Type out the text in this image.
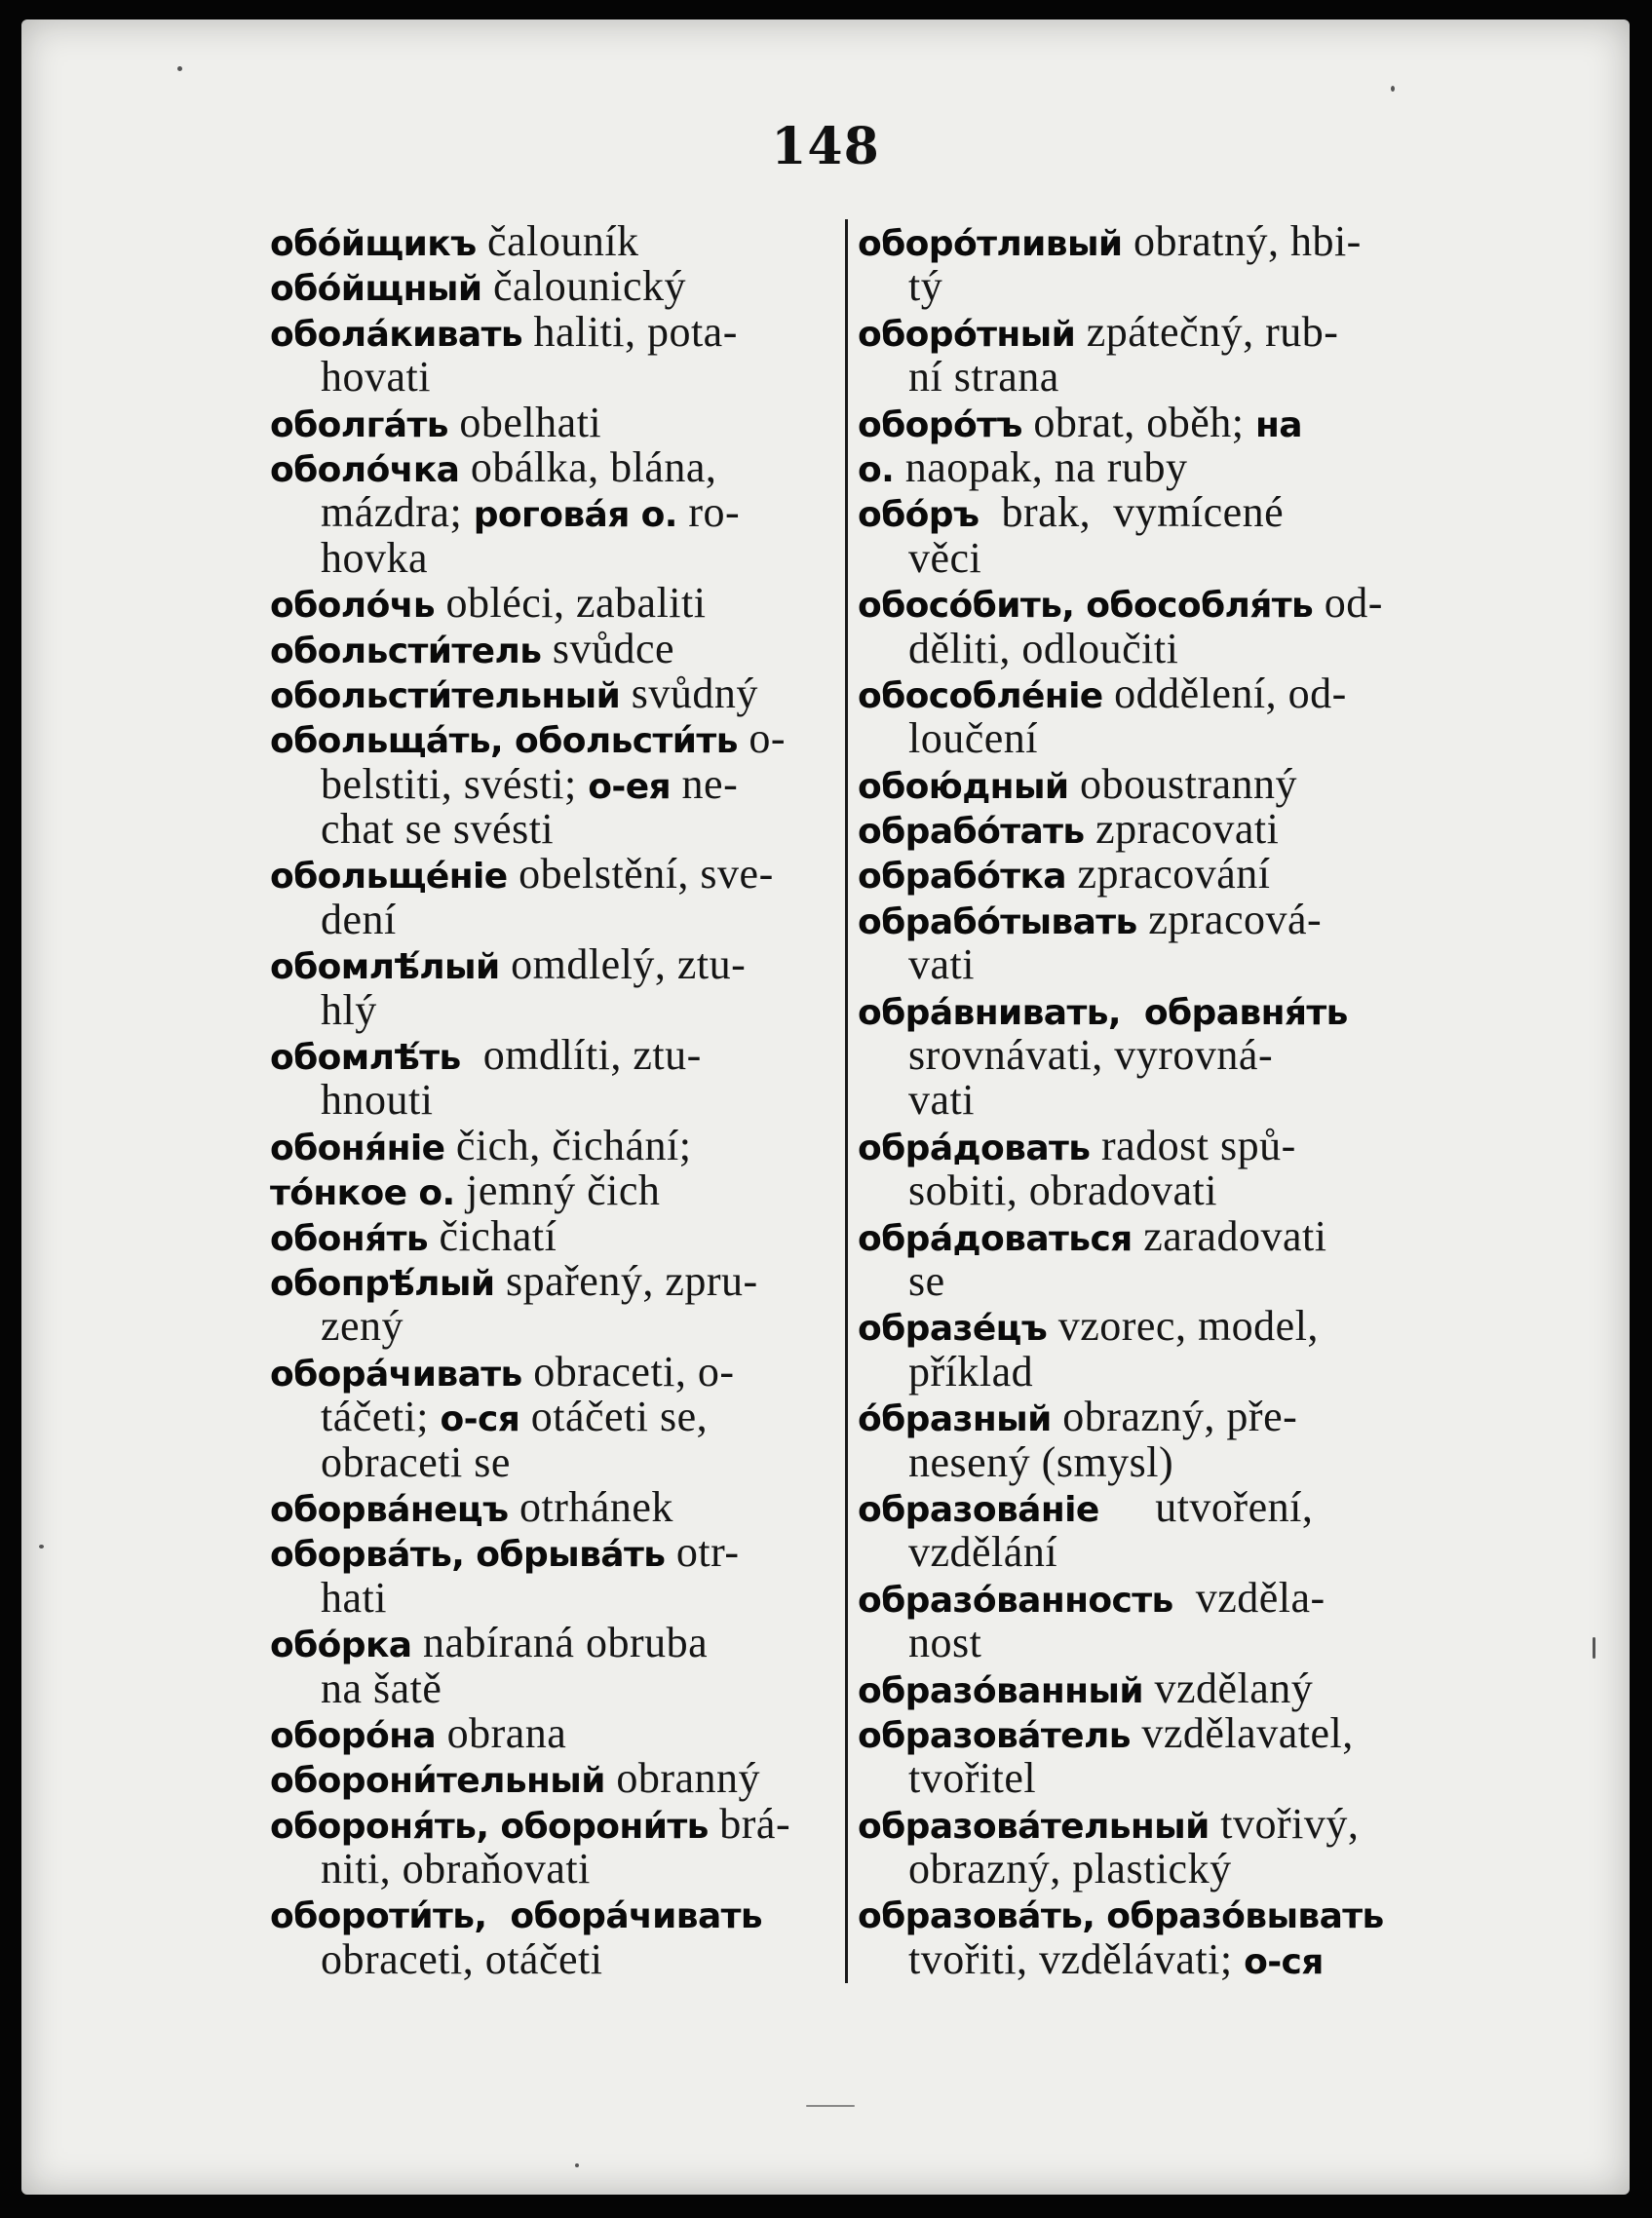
148
обо́йщикъ čalouník
обо́йщный čalounický
обола́кивать haliti, pota-
hovati
оболга́ть obelhati
оболо́чка obálka, blána,
mázdra; рогова́я о. ro-
hovka
оболо́чь obléci, zabaliti
обольсти́тель svůdce
обольсти́тельный svůdný
обольща́ть, обольсти́ть o-
belstiti, svésti; о-ея ne-
chat se svésti
обольще́нie obelstění, sve-
dení
обомлѣ́лый omdlelý, ztu-
hlý
обомлѣ́ть  omdlíti, ztu-
hnouti
обоня́нie čich, čichání;
то́нкое о. jemný čich
обоня́ть čichatí
обопрѣ́лый spařený, zpru-
zený
обора́чивать obraceti, o-
táčeti; о-ся otáčeti se,
obraceti se
оборва́нецъ otrhánek
оборва́ть, обрыва́ть otr-
hati
обо́рка nabíraná obruba
na šatě
оборо́на obrana
оборони́тельный obranný
обороня́ть, оборони́ть brá-
niti, obraňovati
оборoти́ть,  обора́чивать
obraceti, otáčeti
оборо́тливый obratný, hbi-
tý
оборо́тный zpátečný, rub-
ní strana
оборо́тъ obrat, oběh; на
о. naopak, na ruby
обо́ръ  brak,  vymícené
věci
обосо́бить, обособля́ть od-
děliti, odloučiti
обособле́нie oddělení, od-
loučení
обою́дный oboustranný
обрабо́тать zpracovati
обрабо́тка zpracování
обрабо́тывать zpracová-
vati
обра́внивать,  обравня́ть
srovnávati, vyrovná-
vati
обра́довать radost spů-
sobiti, obradovati
обра́доваться zaradovati
se
обрaзе́цъ vzorec, model,
příklad
о́бразный obrazný, pře-
nesený (smysl)
образова́нie     utvoření,
vzdělání
образо́ванность  vzděla-
nost
образо́ванный vzdělaný
образова́тель vzdělavatel,
tvořitel
образова́тельный tvořivý,
obrazný, plastický
образова́ть, образо́вывать
tvořiti, vzdělávati; о-ся
